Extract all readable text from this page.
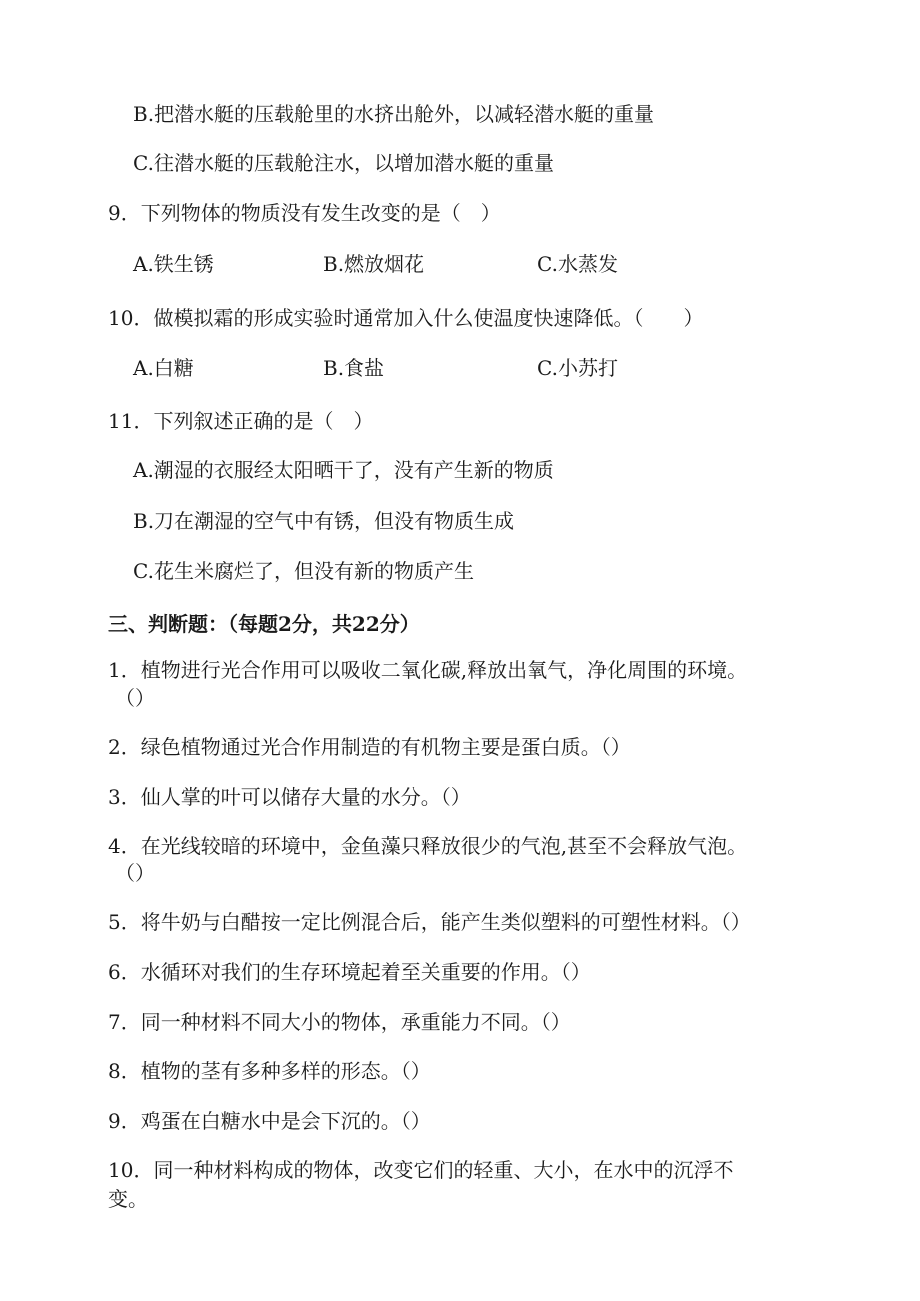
B.把潜水艇的压载舱里的水挤出舱外，以减轻潜水艇的重量
C.往潜水艇的压载舱注水，以增加潜水艇的重量
9．下列物体的物质没有发生改变的是（　）
A.铁生锈	B.燃放烟花	C.水蒸发
10．做模拟霜的形成实验时通常加入什么使温度快速降低。（　　）
A.白糖	B.食盐	C.小苏打
11．下列叙述正确的是（　）
A.潮湿的衣服经太阳晒干了，没有产生新的物质
B.刀在潮湿的空气中有锈，但没有物质生成
C.花生米腐烂了，但没有新的物质产生
三、判断题：（每题2分，共22分）
1．植物进行光合作用可以吸收二氧化碳,释放出氧气，净化周围的环境。
（）
2．绿色植物通过光合作用制造的有机物主要是蛋白质。（）
3．仙人掌的叶可以储存大量的水分。（）
4．在光线较暗的环境中，金鱼藻只释放很少的气泡,甚至不会释放气泡。
（）
5．将牛奶与白醋按一定比例混合后，能产生类似塑料的可塑性材料。（）
6．水循环对我们的生存环境起着至关重要的作用。（）
7．同一种材料不同大小的物体，承重能力不同。（）
8．植物的茎有多种多样的形态。（）
9．鸡蛋在白糖水中是会下沉的。（）
10．同一种材料构成的物体，改变它们的轻重、大小，在水中的沉浮不
变。
